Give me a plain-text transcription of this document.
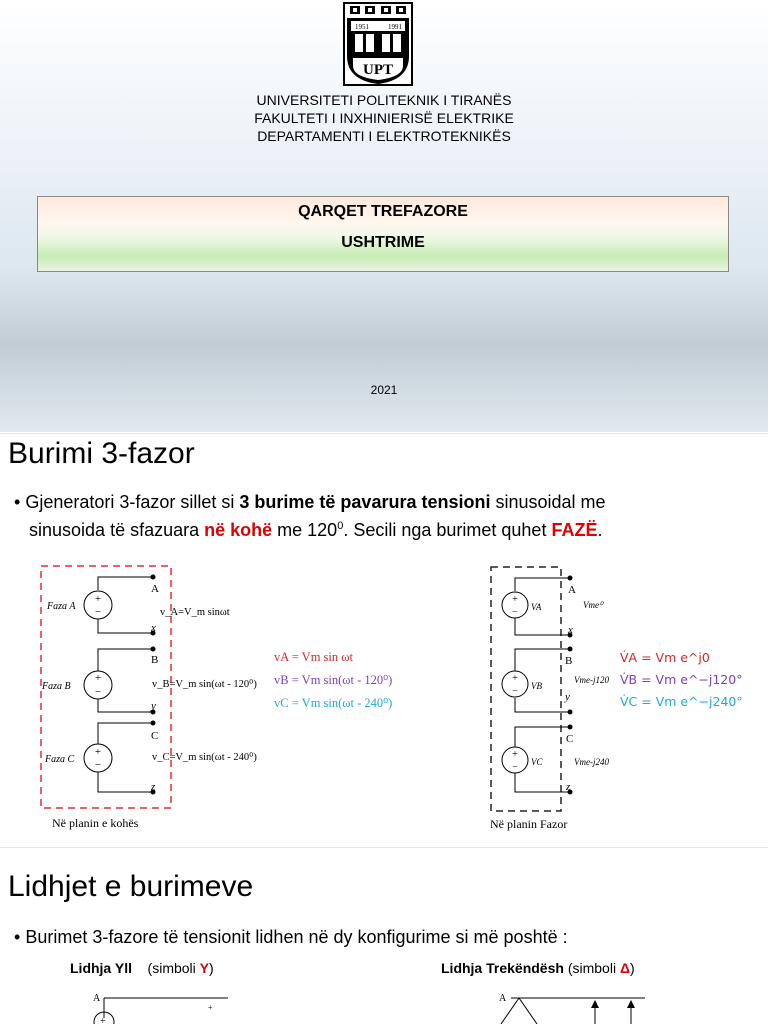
1951	1991
UPT
UNIVERSITETI POLITEKNIK I TIRANËS
FAKULTETI I INXHINIERISË ELEKTRIKE
DEPARTAMENTI I ELEKTROTEKNIKËS
QARQET TREFAZORE
USHTRIME
2021
Burimi 3-fazor
• Gjeneratori 3-fazor sillet si 3 burime të pavarura tensioni sinusoidal me
sinusoida të sfazuara në kohë me $120^0$. Secili nga burimet quhet FAZË.
+
−
+
−
+
−
Faza A
Faza B
Faza C
A
x
B
y
C
z
v_A=V_m sinωt
v_B=V_m sin(ωt - 120⁰)
v_C=V_m sin(ωt - 240⁰)
Në planin e kohës
vA = Vm sin ωt
vB = Vm sin(ωt - 120⁰)
vC = Vm sin(ωt - 240⁰)
+
−
+
−
+
−
VA
VB
VC
A
x
B
y
C
z
Vme⁰
Vme-j120
Vme-j240
Në planin Fazor
V̇A = Vm e^j0
V̇B = Vm e^−j120°
V̇C = Vm e^−j240°
Lidhjet e burimeve
• Burimet 3-fazore të tensionit lidhen në dy konfigurime si më poshtë :
Lidhja Yll (simboli Y)	Lidhja Trekëndësh (simboli Δ)
A
+
+
A
